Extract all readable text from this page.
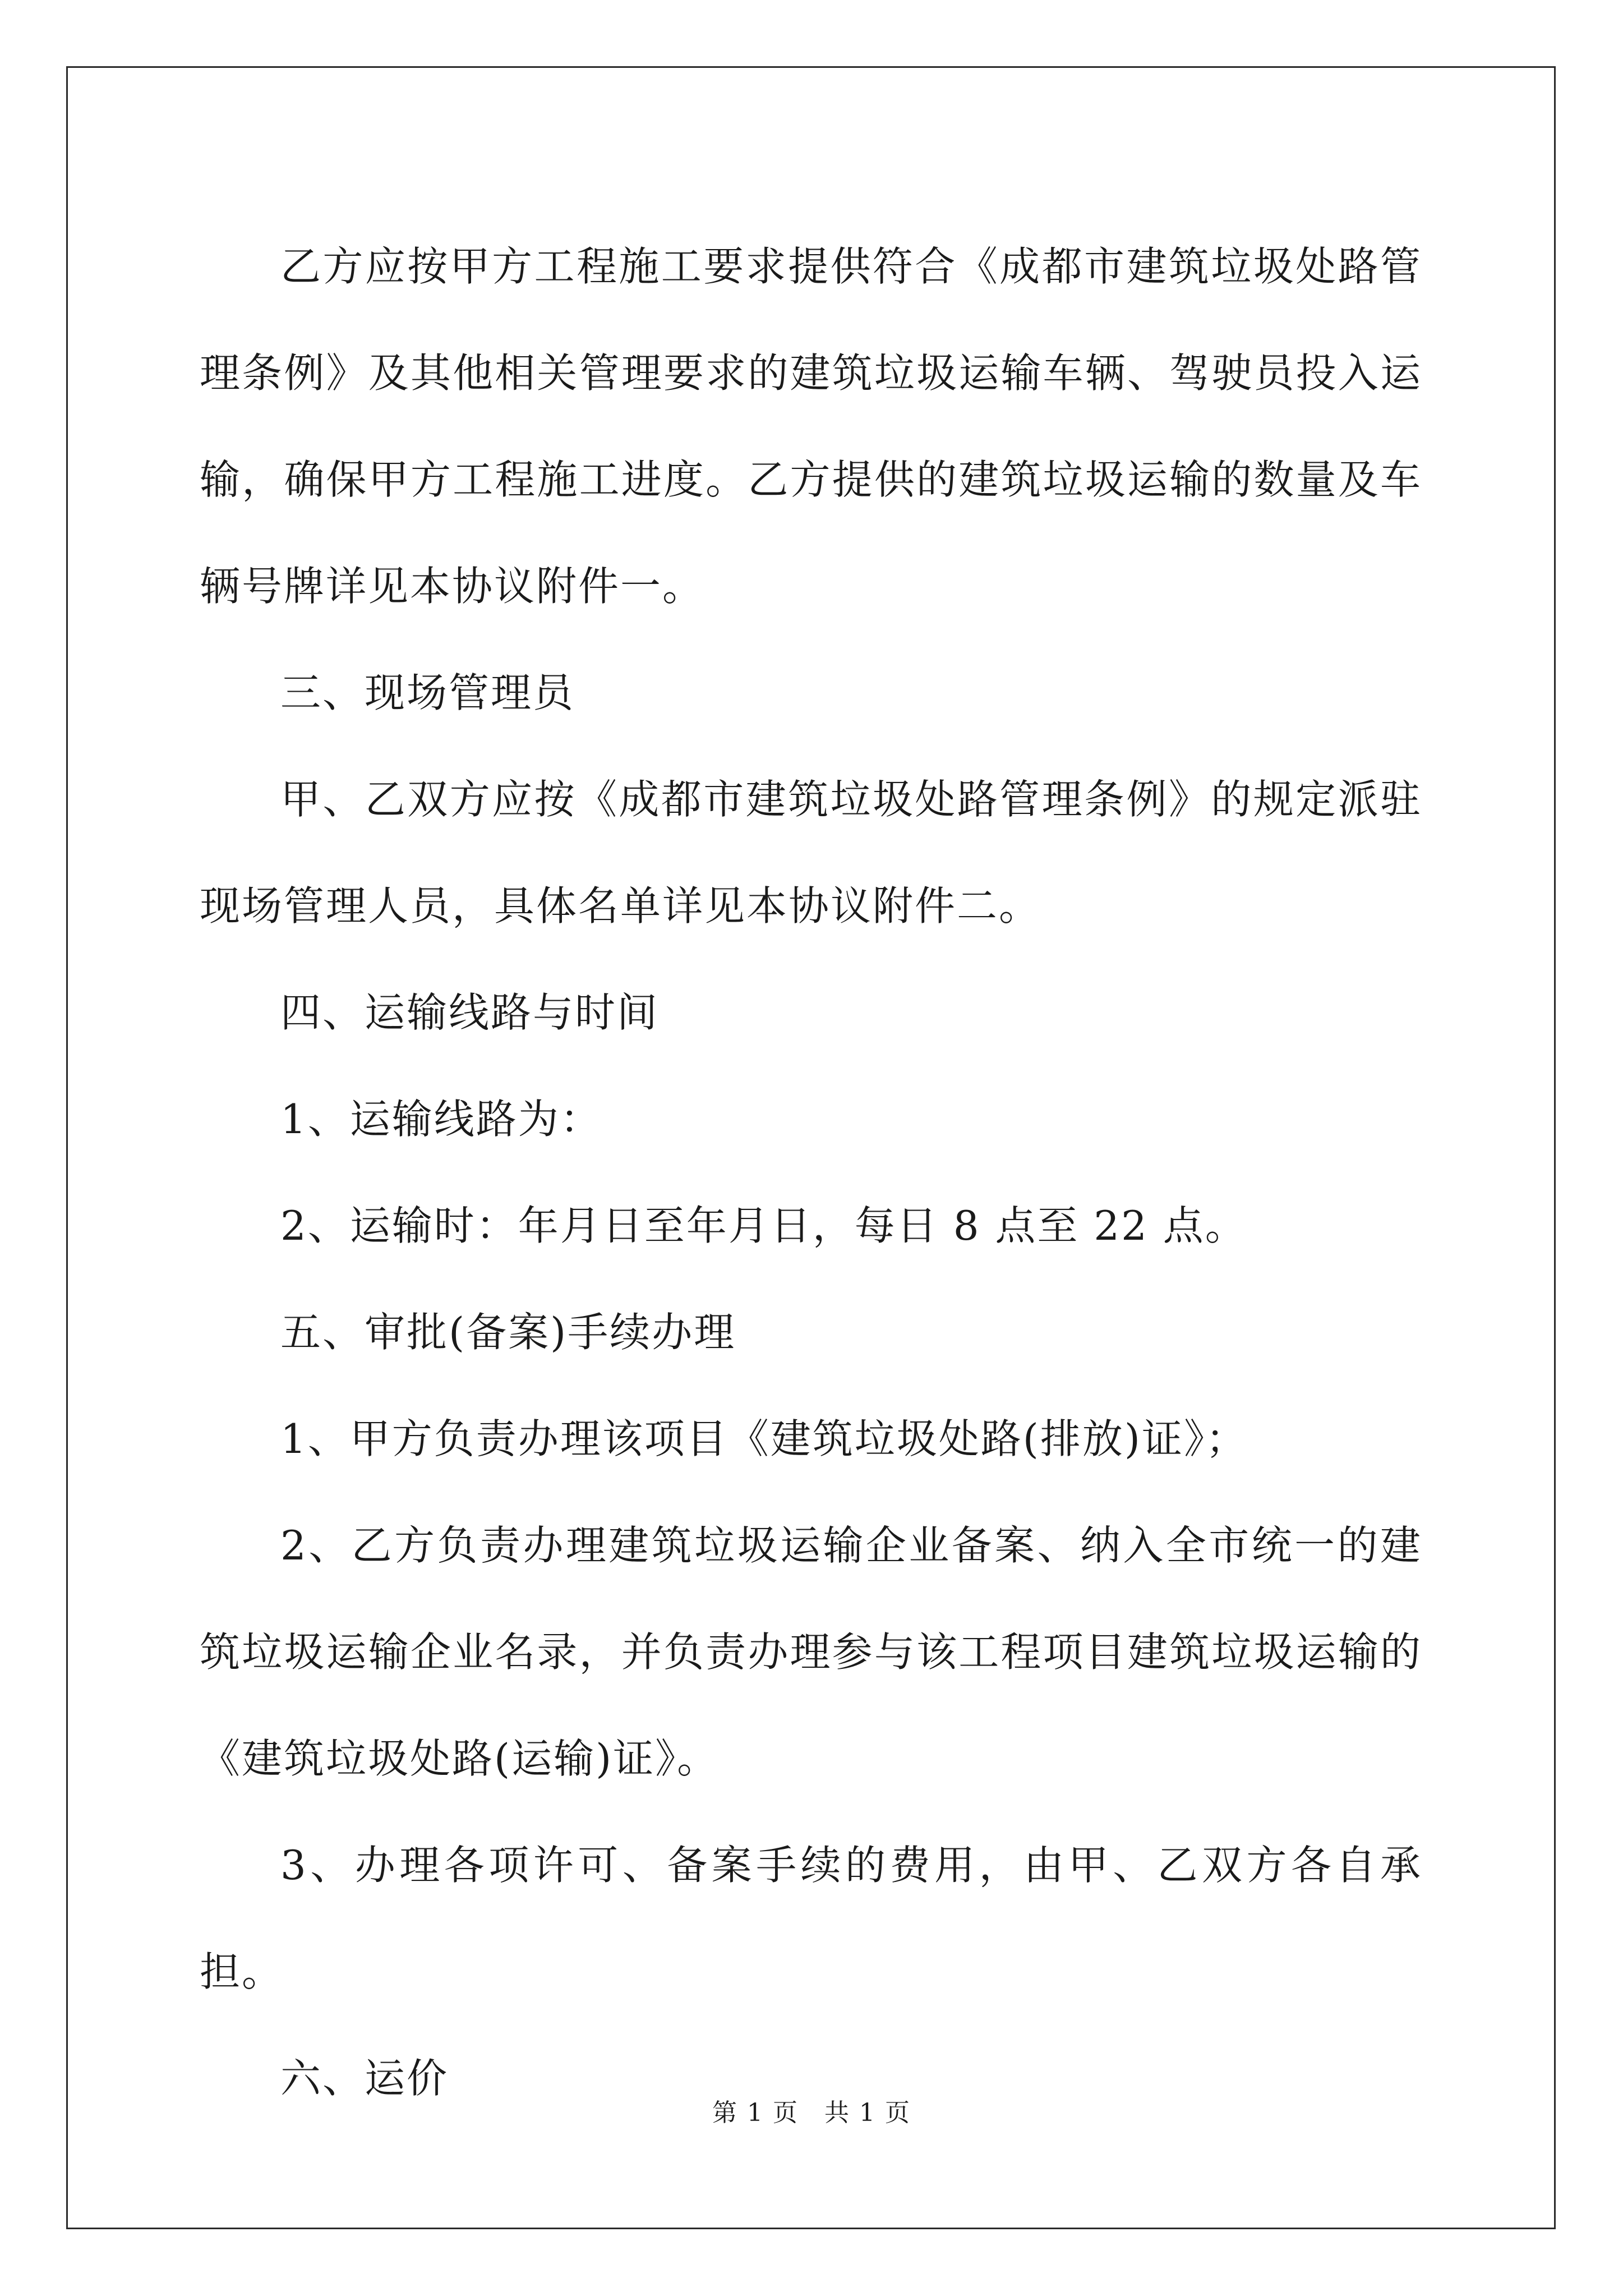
乙方应按甲方工程施工要求提供符合《成都市建筑垃圾处路管理条例》及其他相关管理要求的建筑垃圾运输车辆、驾驶员投入运输，确保甲方工程施工进度。乙方提供的建筑垃圾运输的数量及车辆号牌详见本协议附件一。

三、现场管理员

甲、乙双方应按《成都市建筑垃圾处路管理条例》的规定派驻现场管理人员，具体名单详见本协议附件二。

四、运输线路与时间

1、运输线路为：

2、运输时：年月日至年月日，每日 8 点至 22 点。

五、审批(备案)手续办理

1、甲方负责办理该项目《建筑垃圾处路(排放)证》；

2、乙方负责办理建筑垃圾运输企业备案、纳入全市统一的建筑垃圾运输企业名录，并负责办理参与该工程项目建筑垃圾运输的《建筑垃圾处路(运输)证》。

3、办理各项许可、备案手续的费用，由甲、乙双方各自承担。

六、运价

第 1 页　共 1 页
